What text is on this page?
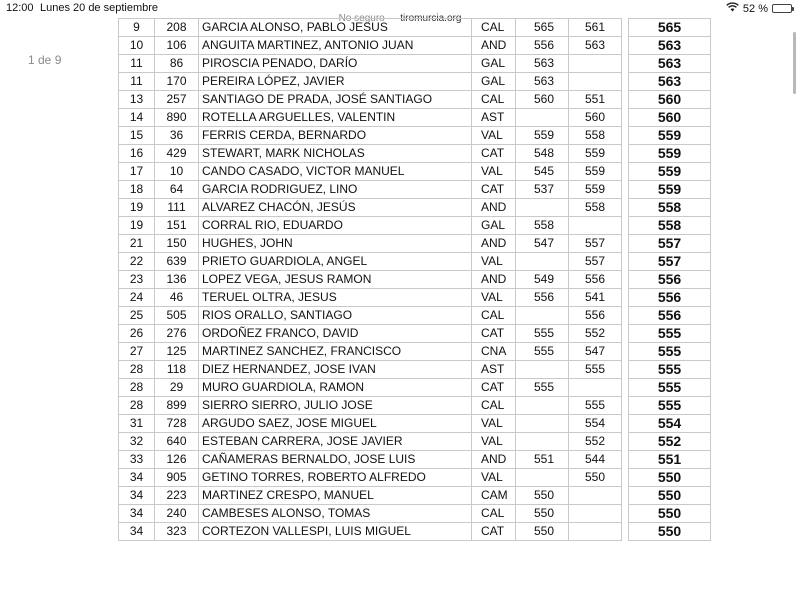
12:00 Lunes 20 de septiembre
No seguro — tiromurcia.org
52 %
1 de 9
9	208	GARCIA ALONSO, PABLO JESUS	CAL	565	561		565
10	106	ANGUITA MARTINEZ, ANTONIO JUAN	AND	556	563		563
11	86	PIROSCIA PENADO, DARÍO	GAL	563			563
11	170	PEREIRA LÓPEZ, JAVIER	GAL	563			563
13	257	SANTIAGO DE PRADA, JOSÉ SANTIAGO	CAL	560	551		560
14	890	ROTELLA ARGUELLES, VALENTIN	AST		560		560
15	36	FERRIS CERDA, BERNARDO	VAL	559	558		559
16	429	STEWART, MARK NICHOLAS	CAT	548	559		559
17	10	CANDO CASADO, VICTOR MANUEL	VAL	545	559		559
18	64	GARCIA RODRIGUEZ, LINO	CAT	537	559		559
19	111	ALVAREZ CHACÓN, JESÚS	AND		558		558
19	151	CORRAL RIO, EDUARDO	GAL	558			558
21	150	HUGHES, JOHN	AND	547	557		557
22	639	PRIETO GUARDIOLA, ANGEL	VAL		557		557
23	136	LOPEZ VEGA, JESUS RAMON	AND	549	556		556
24	46	TERUEL OLTRA, JESUS	VAL	556	541		556
25	505	RIOS ORALLO, SANTIAGO	CAL		556		556
26	276	ORDOÑEZ FRANCO, DAVID	CAT	555	552		555
27	125	MARTINEZ SANCHEZ, FRANCISCO	CNA	555	547		555
28	118	DIEZ HERNANDEZ, JOSE IVAN	AST		555		555
28	29	MURO GUARDIOLA, RAMON	CAT	555			555
28	899	SIERRO SIERRO, JULIO JOSE	CAL		555		555
31	728	ARGUDO SAEZ, JOSE MIGUEL	VAL		554		554
32	640	ESTEBAN CARRERA, JOSE JAVIER	VAL		552		552
33	126	CAÑAMERAS BERNALDO, JOSE LUIS	AND	551	544		551
34	905	GETINO TORRES, ROBERTO ALFREDO	VAL		550		550
34	223	MARTINEZ CRESPO, MANUEL	CAM	550			550
34	240	CAMBESES ALONSO, TOMAS	CAL	550			550
34	323	CORTEZON VALLESPI, LUIS MIGUEL	CAT	550			550
